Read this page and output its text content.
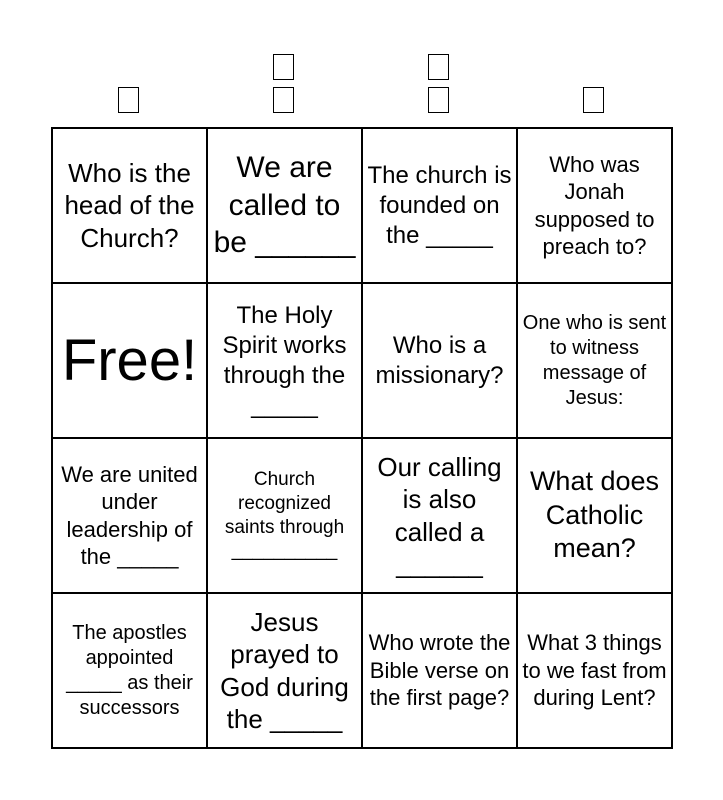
Who is the head of the Church?	We are called to be ______	The church is founded on the _____	Who was Jonah supposed to preach to?

Free!	The Holy Spirit works through the _____	Who is a missionary?	One who is sent to witness message of Jesus:

We are united under leadership of the _____	Church recognized saints through __________	Our calling is also called a ______	What does Catholic mean?

The apostles appointed _____ as their successors	Jesus prayed to God during the _____	Who wrote the Bible verse on the first page?	What 3 things to we fast from during Lent?
